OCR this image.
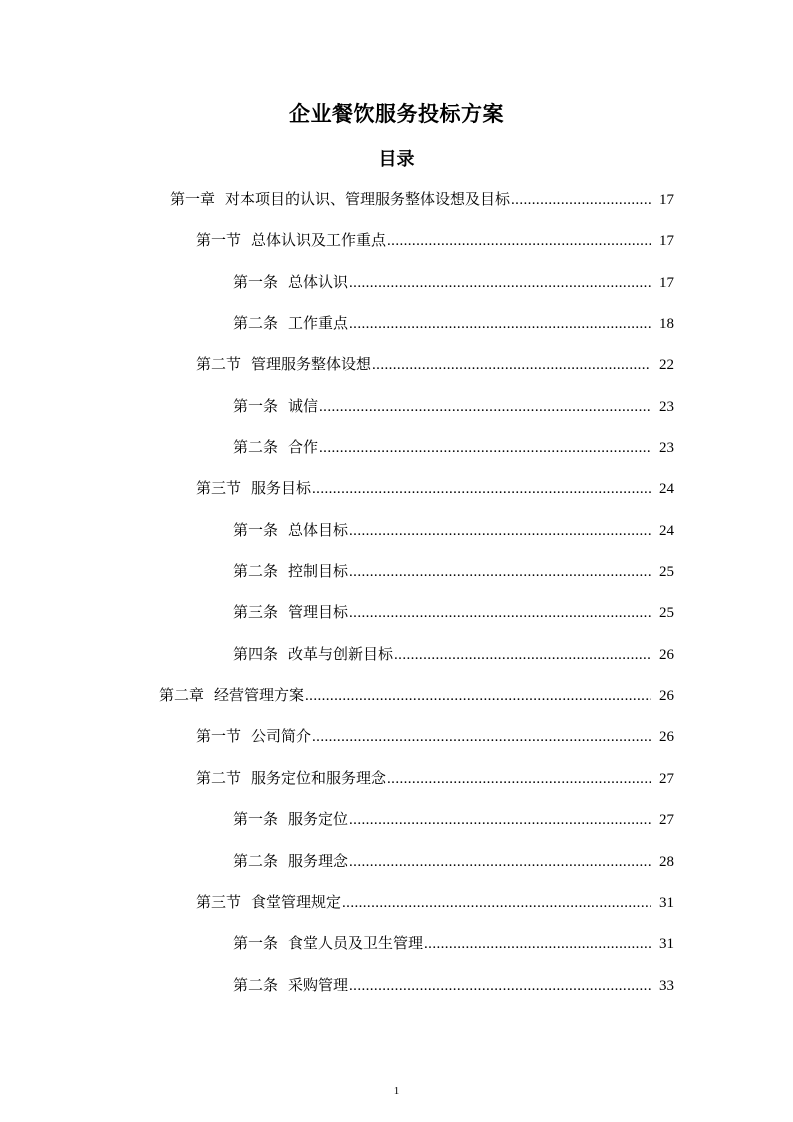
企业餐饮服务投标方案
目录
第一章 对本项目的认识、管理服务整体设想及目标 .....	17
第一节 总体认识及工作重点 .....	17
第一条 总体认识 .....	17
第二条 工作重点 .....	18
第二节 管理服务整体设想 .....	22
第一条 诚信 .....	23
第二条 合作 .....	23
第三节 服务目标 .....	24
第一条 总体目标 .....	24
第二条 控制目标 .....	25
第三条 管理目标 .....	25
第四条 改革与创新目标 .....	26
第二章 经营管理方案 .....	26
第一节 公司简介 .....	26
第二节 服务定位和服务理念 .....	27
第一条 服务定位 .....	27
第二条 服务理念 .....	28
第三节 食堂管理规定 .....	31
第一条 食堂人员及卫生管理 .....	31
第二条 采购管理 .....	33
1
